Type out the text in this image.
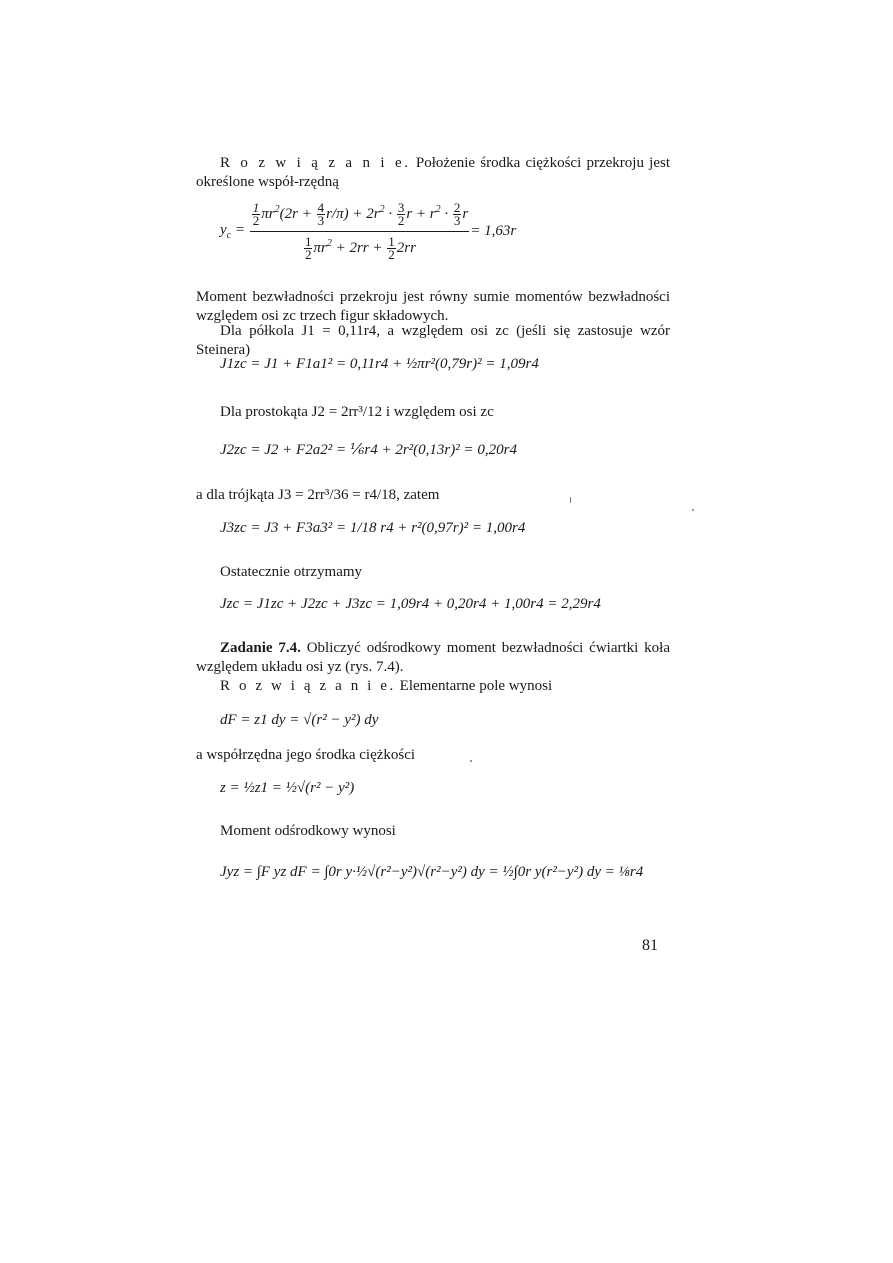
R o z w i ą z a n i e. Położenie środka ciężkości przekroju jest określone współ-rzędną
$y_c$ =
$\frac{1}{2} \pi r^2(2r + \frac{4}{3} r/\pi) + 2r^2 \cdot \frac{3}{2}$ $r + r^2 \cdot \frac{2}{3}$ r
$\frac{1}{2} \pi r^2 + 2rr + \frac{1}{2} 2rr$
= 1,63r
Moment bezwładności przekroju jest równy sumie momentów bezwładności względem osi zc trzech figur składowych.
Dla półkola J1 = 0,11r4, a względem osi zc (jeśli się zastosuje wzór Steinera)
J1zc = J1 + F1a1² = 0,11r4 + ½πr²(0,79r)² = 1,09r4
Dla prostokąta J2 = 2rr³/12 i względem osi zc
J2zc = J2 + F2a2² = ⅙r4 + 2r²(0,13r)² = 0,20r4
a dla trójkąta J3 = 2rr³/36 = r4/18, zatem
J3zc = J3 + F3a3² = 1/18 r4 + r²(0,97r)² = 1,00r4
Ostatecznie otrzymamy
Jzc = J1zc + J2zc + J3zc = 1,09r4 + 0,20r4 + 1,00r4 = 2,29r4
Zadanie 7.4. Obliczyć odśrodkowy moment bezwładności ćwiartki koła względem układu osi yz (rys. 7.4).
R o z w i ą z a n i e. Elementarne pole wynosi
dF = z1 dy = √(r² − y²) dy
a współrzędna jego środka ciężkości
z = ½z1 = ½√(r² − y²)
Moment odśrodkowy wynosi
Jyz = ∫F yz dF = ∫0r y·½√(r²−y²)√(r²−y²) dy = ½∫0r y(r²−y²) dy = ⅛r4
81
